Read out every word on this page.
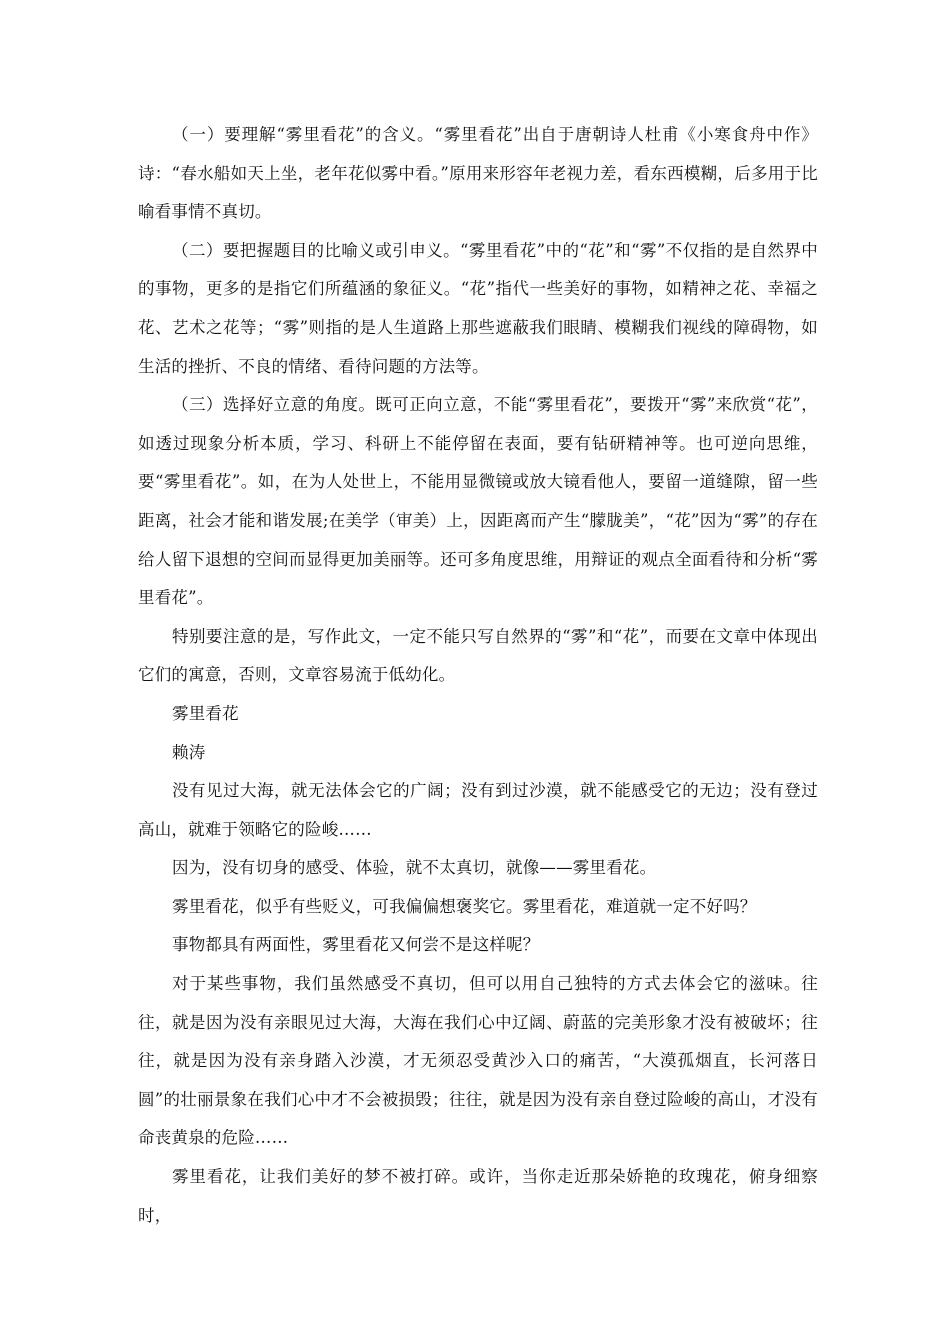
（一）要理解“雾里看花”的含义。“雾里看花”出自于唐朝诗人杜甫《小寒食舟中作》诗：“春水船如天上坐，老年花似雾中看。”原用来形容年老视力差，看东西模糊，后多用于比喻看事情不真切。

（二）要把握题目的比喻义或引申义。“雾里看花”中的“花”和“雾”不仅指的是自然界中的事物，更多的是指它们所蕴涵的象征义。“花”指代一些美好的事物，如精神之花、幸福之花、艺术之花等；“雾”则指的是人生道路上那些遮蔽我们眼睛、模糊我们视线的障碍物，如生活的挫折、不良的情绪、看待问题的方法等。

（三）选择好立意的角度。既可正向立意，不能“雾里看花”，要拨开“雾”来欣赏“花”，如透过现象分析本质，学习、科研上不能停留在表面，要有钻研精神等。也可逆向思维，要“雾里看花”。如，在为人处世上，不能用显微镜或放大镜看他人，要留一道缝隙，留一些距离，社会才能和谐发展;在美学（审美）上，因距离而产生“朦胧美”，“花”因为“雾”的存在给人留下退想的空间而显得更加美丽等。还可多角度思维，用辩证的观点全面看待和分析“雾里看花”。

特别要注意的是，写作此文，一定不能只写自然界的“雾”和“花”，而要在文章中体现出它们的寓意，否则，文章容易流于低幼化。

雾里看花

赖涛

没有见过大海，就无法体会它的广阔；没有到过沙漠，就不能感受它的无边；没有登过高山，就难于领略它的险峻……

因为，没有切身的感受、体验，就不太真切，就像——雾里看花。

雾里看花，似乎有些贬义，可我偏偏想褒奖它。雾里看花，难道就一定不好吗？

事物都具有两面性，雾里看花又何尝不是这样呢？

对于某些事物，我们虽然感受不真切，但可以用自己独特的方式去体会它的滋味。往往，就是因为没有亲眼见过大海，大海在我们心中辽阔、蔚蓝的完美形象才没有被破坏；往往，就是因为没有亲身踏入沙漠，才无须忍受黄沙入口的痛苦，“大漠孤烟直，长河落日圆”的壮丽景象在我们心中才不会被损毁；往往，就是因为没有亲自登过险峻的高山，才没有命丧黄泉的危险……

雾里看花，让我们美好的梦不被打碎。或许，当你走近那朵娇艳的玫瑰花，俯身细察时，
